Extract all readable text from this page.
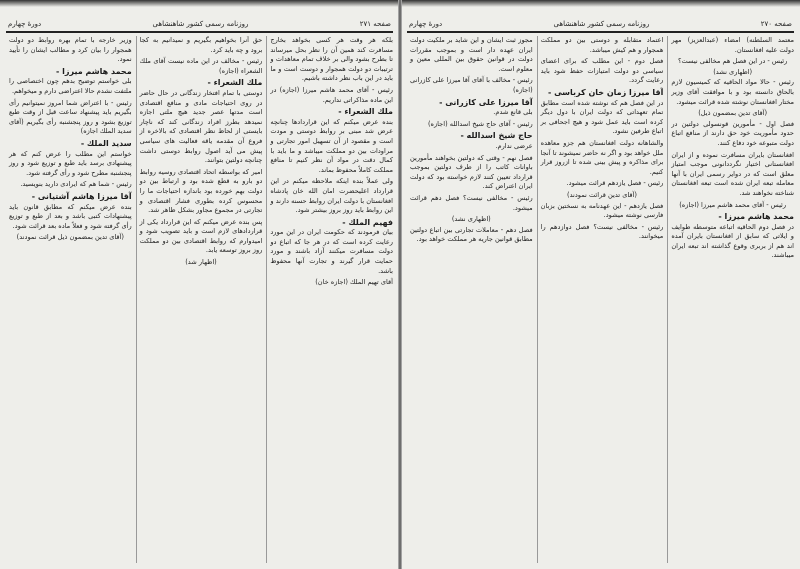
صفحه ۲۷۱
روزنامه رسمی کشور شاهنشاهی
دورهٔ چهارم
بلکه هر وقت هر کسی بخواهد بخارج مسافرت کند همین آن را نظر بحل میرساند تا بطرح بشود والی بر خلاف تمام معاهدات و ترتیبات دو دولت همجوار و دوست است و ما باید در این باب نظر داشته باشیم.
رئیس - آقای محمد هاشم میرزا (اجازه) در این ماده مذاکراتی نداریم.
ملك الشعراء -
بنده عرض میکنم که این قراردادها چنانچه عرض شد مبنی بر روابط دوستی و مودت است و مقصود از آن تسهیل امور تجارتی و مراودات بین دو مملکت میباشد و ما باید با کمال دقت در مواد آن نظر کنیم تا منافع مملکت کاملاً محفوظ بماند.
ولی عملاً بنده اینکه ملاحظه میکنم در این قرارداد اعلیحضرت امان الله خان پادشاه افغانستان با دولت ایران روابط حسنه دارند و این روابط باید روز بروز بیشتر شود.
فهیم الملك -
بیان فرمودند که حکومت ایران در این مورد رعایت کرده است که در هر جا که اتباع دو دولت مسافرت میکنند آزاد باشند و مورد حمایت قرار گیرند و تجارت آنها محفوظ باشد.
آقای تهیم الملك (اجازه خان)
حق آنرا بخواهیم بگیریم و نمیدانیم به کجا برود و چه باید کرد.
رئیس - مخالف در این ماده نیست آقای ملك الشعراء (اجازه)
ملك الشعراء -
دوستی با تمام افتخار زندگانی در حال حاضر در روی احتیاجات مادی و منافع اقتصادی است مدتها عصر جدید هیچ ملتی اجازه نمیدهد بطرز افراد زندگانی کند که ناچار بایستی از لحاظ نظر اقتصادی که بالاخره از فروع آن مقدمه یاقه فعالیت های سیاسی پیش می آید اصول روابط دوستی داشت چنانچه دولتین بتوانند.
امیر که بواسطه اتحاد اقتصادی روسیه روابط دو بارو به قطع شده بود و ارتباط بین دو دولت بهم خورده بود باندازه احتیاجات ما را محسوس کرده بطوری فشار اقتصادی و تجارتی در مجموع مجاور بشکل ظاهر شد.
پس بنده عرض میکنم که این قرارداد یکی از قراردادهای لازم است و باید تصویب شود و امیدوارم که روابط اقتصادی بین دو مملکت روز بروز توسعه یابد.
(اظهار شد)
وزیر خارجه با تمام بهره روابط دو دولت همجوار را بیان کرد و مطالب ایشان را تأیید نمود.
محمد هاشم میرزا -
بلی خواستم توضیح بدهم چون اختصاصی را ملتفت نشدم حالا اعتراضی دارم و میخواهم.
رئیس - با اعتراض شما امروز نمیتوانیم رأی بگیریم باید پیشنهاد ساعت قبل از وقت طبع توزیع بشود و روز پنجشنبه رأی بگیریم (آقای سدید الملك اجازه)
سدید الملك -
خواستم این مطلب را عرض کنم که هر پیشنهادی برسد باید طبع و توزیع شود و روز پنجشنبه مطرح شود و رأی گرفته شود.
رئیس - شما هم که ایرادی دارید بنویسید.
آقا میرزا هاشم آشتیانی -
بنده عرض میکنم که مطابق قانون باید پیشنهادات کتبی باشد و بعد از طبع و توزیع رأی گرفته شود و فعلاً ماده بعد قرائت شود.
(آقای تدین بمضمون ذیل قرائت نمودند)
صفحه ۲۷۰
روزنامه رسمی کشور شاهنشاهی
دورهٔ چهارم
معتمد السلطنه) امضاء (عبدالعزیز) مهر دولت عليه افغانستان.
رئیس - در این فصل هم مخالفی نیست؟
(اظهاری نشد)
رئیس - حالا مواد الحاقیه که کمیسیون لازم بالحاق دانسته بود و با موافقت آقای وزیر مختار افغانستان نوشته شده قرائت میشود.
(آقای تدین بمضمون ذیل)
فصل اول - مأمورین قونسولی دولتین در حدود مأموریت خود حق دارند از منافع اتباع دولت متبوعه خود دفاع کنند.
افغانستان بایران مسافرت نموده و از ایران افغانستانی اختیار نگرددانونی موجب امتیاز معلق است که در دوایر رسمی ایران با آنها معامله تبعه ایران شده است تبعه افغانستان شناخته نخواهند شد.
رئیس - آقای محمد هاشم میرزا (اجازه)
محمد هاشم میرزا -
در فصل دوم الحاقیه اتباعه متوسطه طوایف و ایلاتی که سابق از افغانستان بایران آمده اند هم از بربری وقوع گذاشته اند تبعه ایران میباشند.
اعتماد متقابله و دوستی بین دو مملکت همجوار و هم کیش میباشد.
فصل دوم - این مطلب که برای اعضای سیاسی دو دولت امتیازات حفظ شود باید رعایت گردد.
آقا میرزا زمان خان کرباسی -
در این فصل هم که نوشته شده است مطابق تمام تعهداتی که دولت ایران با دول دیگر کرده است باید عمل شود و هیچ اجحافی بر اتباع طرفین نشود.
والشاهانه دولت افغانستان هم جزو معاهده ملل خواهد بود و اگر نه حاضر نمیشوند تا آنجا برای مذاکره و پیش بینی شده تا ازروز قرار کنیم.
رئیس - فصل یازدهم قرائت میشود.
(آقای تدین قرائت نمودند)
فصل یازدهم - این عهدنامه به نسختین بزبان فارسی نوشته میشود.
رئیس - مخالفی نیست؟ فصل دوازدهم را میخوانند.
مجوز ثبت ایشان و این شاید بر ملکیت دولت ایران عهده دار است و بموجب مقررات دولت در قوانین حقوق بین المللی معین و معلوم است.
رئیس - مخالف با آقای آقا میرزا علی کازرانی (اجازه)
آقا میرزا علی کازرانی -
بلی قانع شدم.
رئیس - آقای حاج شیخ اسدالله (اجازه)
حاج شیخ اسدالله -
عرضی ندارم.
فصل نهم - وقتی که دولتین بخواهند مأمورین باوانات کاتب را از طرف دولتین بموجب قرارداد تعیین کنند لازم خواسته بود که دولت ایران اعتراض کند.
رئیس - مخالفی نیست؟ فصل دهم قرائت میشود.
(اظهاری نشد)
فصل دهم - معاملات تجارتی بین اتباع دولتین مطابق قوانین جاریه هر مملکت خواهد بود.
